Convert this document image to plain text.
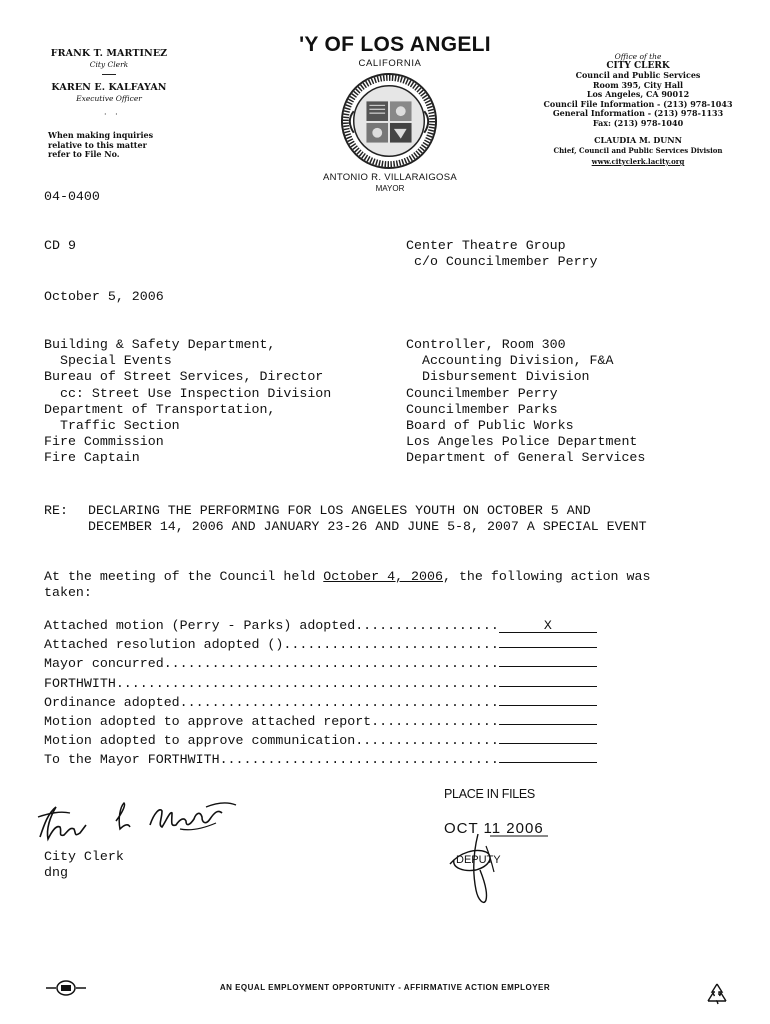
FRANK T. MARTINEZ
City Clerk
KAREN E. KALFAYAN
Executive Officer
· ·
When making inquiries relative to this matter refer to File No.
'Y OF LOS ANGELI
CALIFORNIA
ANTONIO R. VILLARAIGOSA
MAYOR
Office of the
CITY CLERK
Council and Public Services
Room 395, City Hall
Los Angeles, CA 90012
Council File Information - (213) 978-1043
General Information - (213) 978-1133
Fax: (213) 978-1040
CLAUDIA M. DUNN
Chief, Council and Public Services Division
www.cityclerk.lacity.org
04-0400
CD 9	Center Theatre Group
c/o Councilmember Perry
October 5, 2006
Building & Safety Department,
Special Events
Bureau of Street Services, Director
cc: Street Use Inspection Division
Department of Transportation,
Traffic Section
Fire Commission
Fire Captain
Controller, Room 300
Accounting Division, F&A
Disbursement Division
Councilmember Perry
Councilmember Parks
Board of Public Works
Los Angeles Police Department
Department of General Services
RE: DECLARING THE PERFORMING FOR LOS ANGELES YOUTH ON OCTOBER 5 AND
DECEMBER 14, 2006 AND JANUARY 23-26 AND JUNE 5-8, 2007 A SPECIAL EVENT
At the meeting of the Council held October 4, 2006, the following action was
taken:
Attached motion (Perry - Parks) adopted..................	X
Attached resolution adopted ()...........................
Mayor concurred..........................................
FORTHWITH................................................
Ordinance adopted........................................
Motion adopted to approve attached report................
Motion adopted to approve communication..................
To the Mayor FORTHWITH...................................
City Clerk
dng
PLACE IN FILES
OCT 11 2006
DEPUTY
AN EQUAL EMPLOYMENT OPPORTUNITY - AFFIRMATIVE ACTION EMPLOYER
